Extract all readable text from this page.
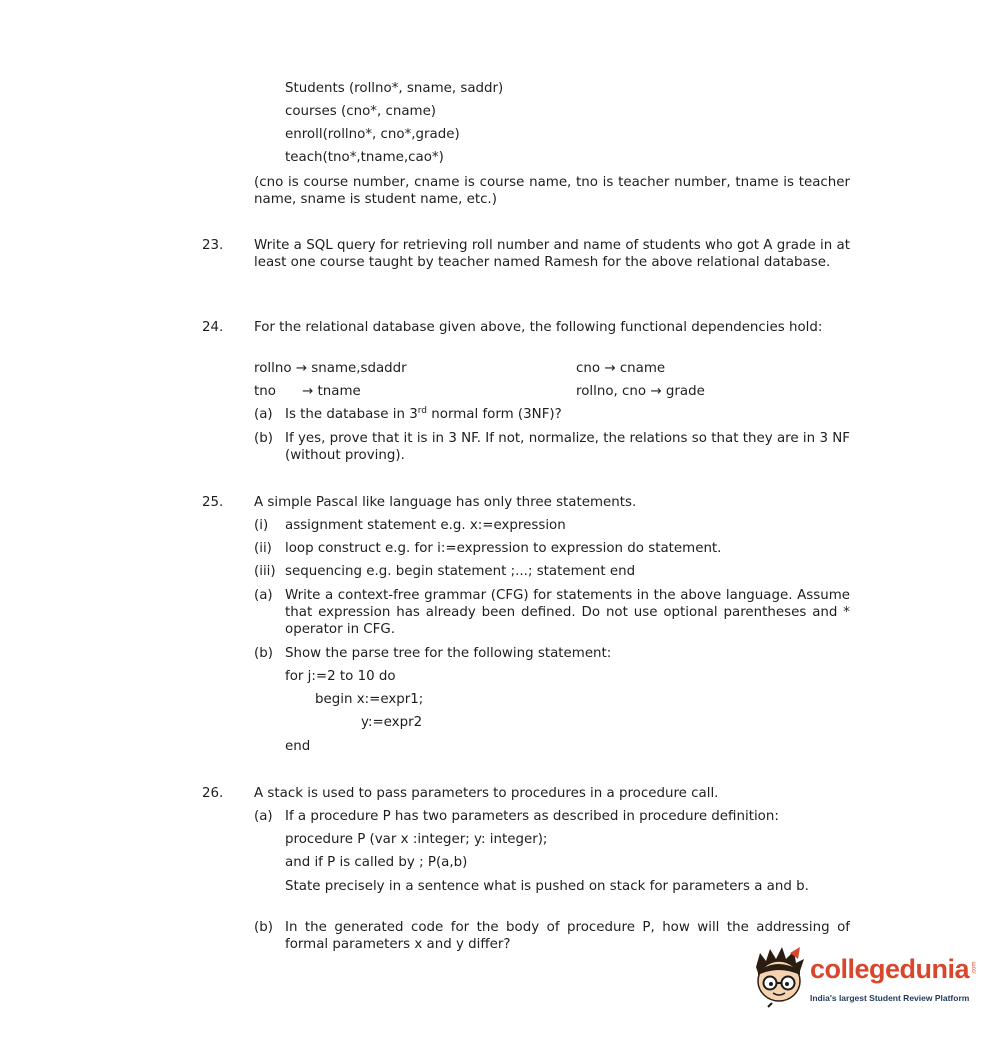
Students (rollno*, sname, saddr)
courses (cno*, cname)
enroll(rollno*, cno*,grade)
teach(tno*,tname,cao*)
(cno is course number, cname is course name, tno is teacher number, tname is teacher name, sname is student name, etc.)
23. Write a SQL query for retrieving roll number and name of students who got A grade in at least one course taught by teacher named Ramesh for the above relational database.
24. For the relational database given above, the following functional dependencies hold:
rollno → sname,sdaddr	cno → cname
tno → tname	rollno, cno → grade
(a) Is the database in 3rd normal form (3NF)?
(b) If yes, prove that it is in 3 NF. If not, normalize, the relations so that they are in 3 NF (without proving).
25. A simple Pascal like language has only three statements.
(i) assignment statement e.g. x:=expression
(ii) loop construct e.g. for i:=expression to expression do statement.
(iii) sequencing e.g. begin statement ;...; statement end
(a) Write a context-free grammar (CFG) for statements in the above language. Assume that expression has already been defined. Do not use optional parentheses and * operator in CFG.
(b) Show the parse tree for the following statement:
for j:=2 to 10 do
begin x:=expr1;
y:=expr2
end
26. A stack is used to pass parameters to procedures in a procedure call.
(a) If a procedure P has two parameters as described in procedure definition:
procedure P (var x :integer; y: integer);
and if P is called by ; P(a,b)
State precisely in a sentence what is pushed on stack for parameters a and b.
(b) In the generated code for the body of procedure P, how will the addressing of formal parameters x and y differ?
collegedunia .com
India's largest Student Review Platform
